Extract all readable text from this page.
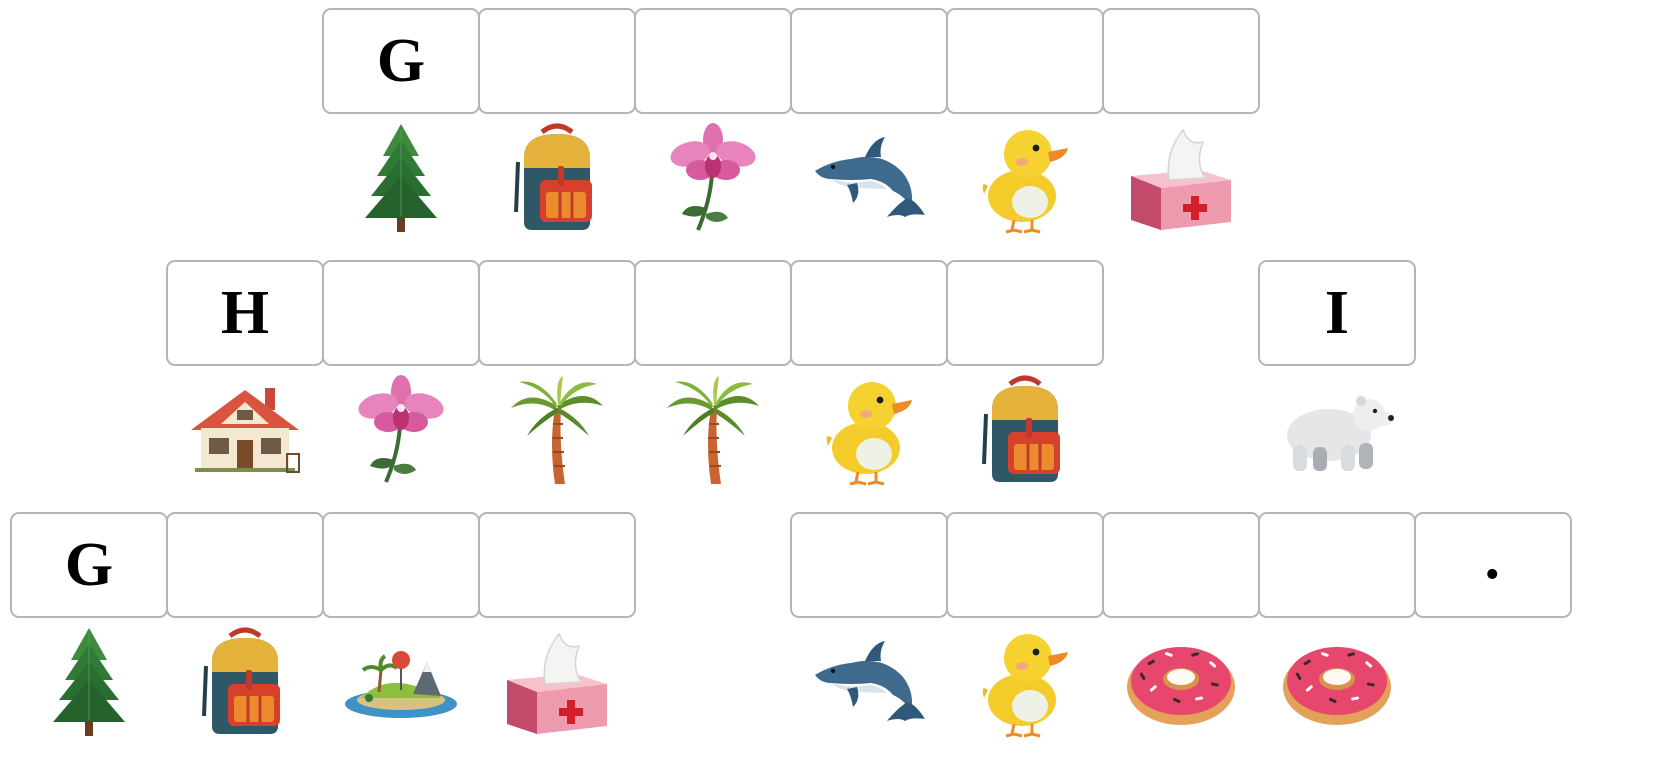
G
H	I
G	.
